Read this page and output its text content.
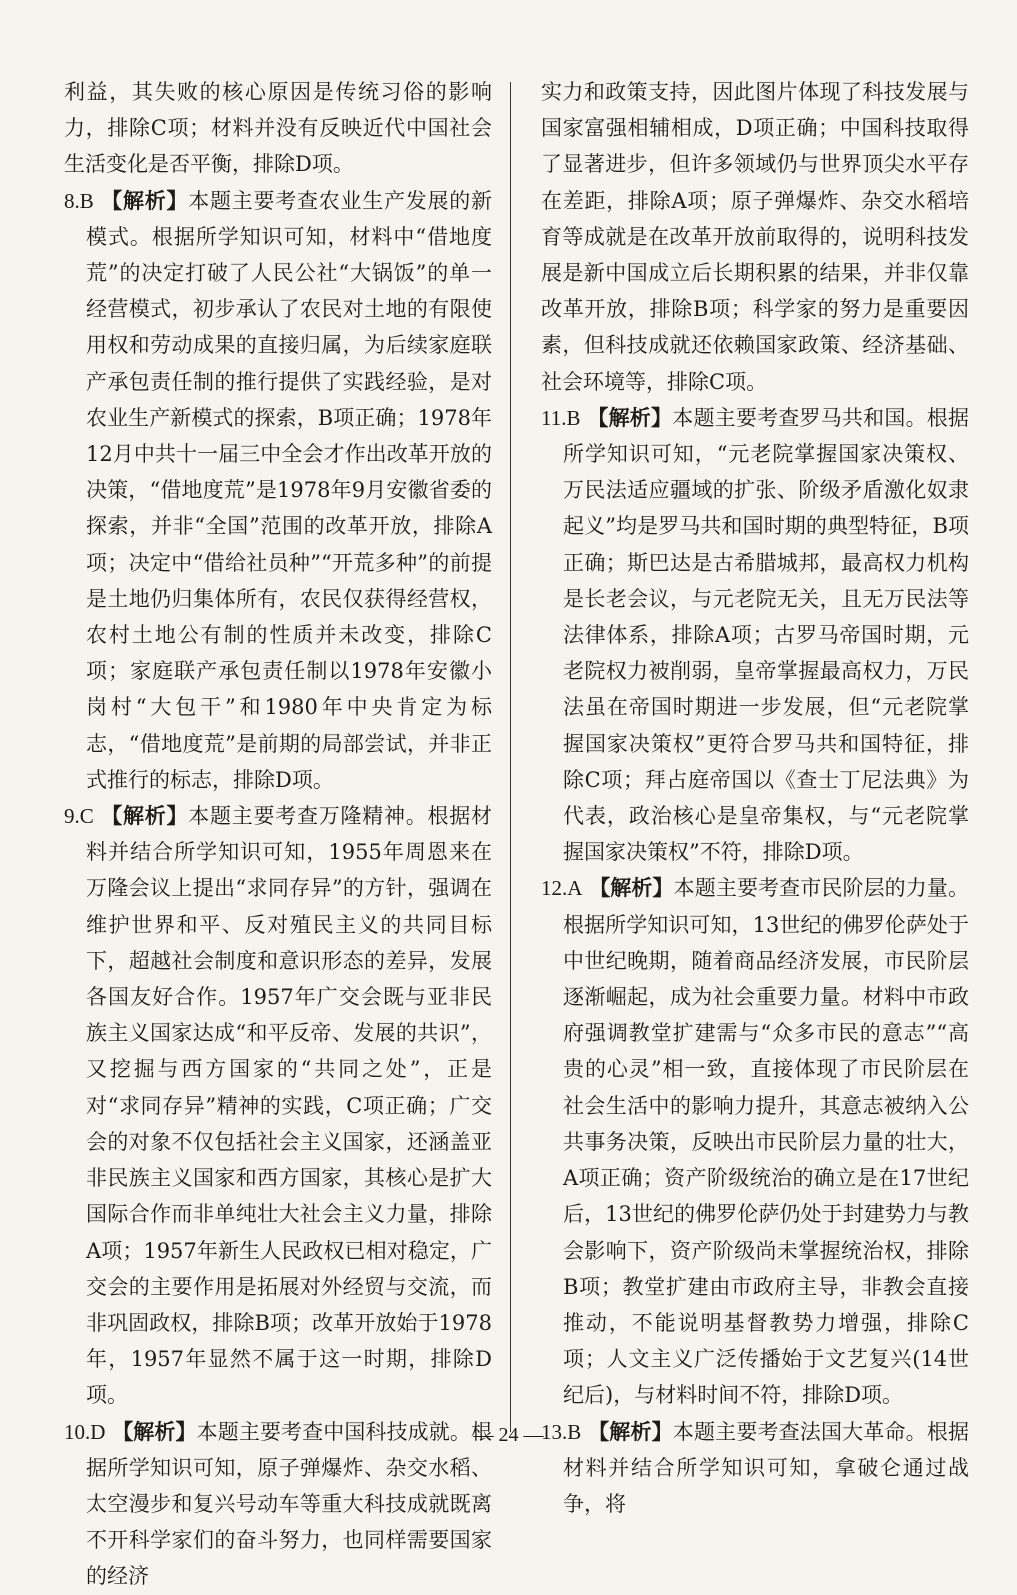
利益，其失败的核心原因是传统习俗的影响力，排除C项；材料并没有反映近代中国社会生活变化是否平衡，排除D项。

8.B 【解析】本题主要考查农业生产发展的新模式。根据所学知识可知，材料中“借地度荒”的决定打破了人民公社“大锅饭”的单一经营模式，初步承认了农民对土地的有限使用权和劳动成果的直接归属，为后续家庭联产承包责任制的推行提供了实践经验，是对农业生产新模式的探索，B项正确；1978年12月中共十一届三中全会才作出改革开放的决策，“借地度荒”是1978年9月安徽省委的探索，并非“全国”范围的改革开放，排除A项；决定中“借给社员种”“开荒多种”的前提是土地仍归集体所有，农民仅获得经营权，农村土地公有制的性质并未改变，排除C项；家庭联产承包责任制以1978年安徽小岗村“大包干”和1980年中央肯定为标志，“借地度荒”是前期的局部尝试，并非正式推行的标志，排除D项。

9.C 【解析】本题主要考查万隆精神。根据材料并结合所学知识可知，1955年周恩来在万隆会议上提出“求同存异”的方针，强调在维护世界和平、反对殖民主义的共同目标下，超越社会制度和意识形态的差异，发展各国友好合作。1957年广交会既与亚非民族主义国家达成“和平反帝、发展的共识”，又挖掘与西方国家的“共同之处”，正是对“求同存异”精神的实践，C项正确；广交会的对象不仅包括社会主义国家，还涵盖亚非民族主义国家和西方国家，其核心是扩大国际合作而非单纯壮大社会主义力量，排除A项；1957年新生人民政权已相对稳定，广交会的主要作用是拓展对外经贸与交流，而非巩固政权，排除B项；改革开放始于1978年，1957年显然不属于这一时期，排除D项。

10.D 【解析】本题主要考查中国科技成就。根据所学知识可知，原子弹爆炸、杂交水稻、太空漫步和复兴号动车等重大科技成就既离不开科学家们的奋斗努力，也同样需要国家的经济

实力和政策支持，因此图片体现了科技发展与国家富强相辅相成，D项正确；中国科技取得了显著进步，但许多领域仍与世界顶尖水平存在差距，排除A项；原子弹爆炸、杂交水稻培育等成就是在改革开放前取得的，说明科技发展是新中国成立后长期积累的结果，并非仅靠改革开放，排除B项；科学家的努力是重要因素，但科技成就还依赖国家政策、经济基础、社会环境等，排除C项。

11.B 【解析】本题主要考查罗马共和国。根据所学知识可知，“元老院掌握国家决策权、万民法适应疆域的扩张、阶级矛盾激化奴隶起义”均是罗马共和国时期的典型特征，B项正确；斯巴达是古希腊城邦，最高权力机构是长老会议，与元老院无关，且无万民法等法律体系，排除A项；古罗马帝国时期，元老院权力被削弱，皇帝掌握最高权力，万民法虽在帝国时期进一步发展，但“元老院掌握国家决策权”更符合罗马共和国特征，排除C项；拜占庭帝国以《查士丁尼法典》为代表，政治核心是皇帝集权，与“元老院掌握国家决策权”不符，排除D项。

12.A 【解析】本题主要考查市民阶层的力量。根据所学知识可知，13世纪的佛罗伦萨处于中世纪晚期，随着商品经济发展，市民阶层逐渐崛起，成为社会重要力量。材料中市政府强调教堂扩建需与“众多市民的意志”“高贵的心灵”相一致，直接体现了市民阶层在社会生活中的影响力提升，其意志被纳入公共事务决策，反映出市民阶层力量的壮大，A项正确；资产阶级统治的确立是在17世纪后，13世纪的佛罗伦萨仍处于封建势力与教会影响下，资产阶级尚未掌握统治权，排除B项；教堂扩建由市政府主导，非教会直接推动，不能说明基督教势力增强，排除C项；人文主义广泛传播始于文艺复兴(14世纪后)，与材料时间不符，排除D项。

13.B 【解析】本题主要考查法国大革命。根据材料并结合所学知识可知，拿破仑通过战争，将

— 24 —
